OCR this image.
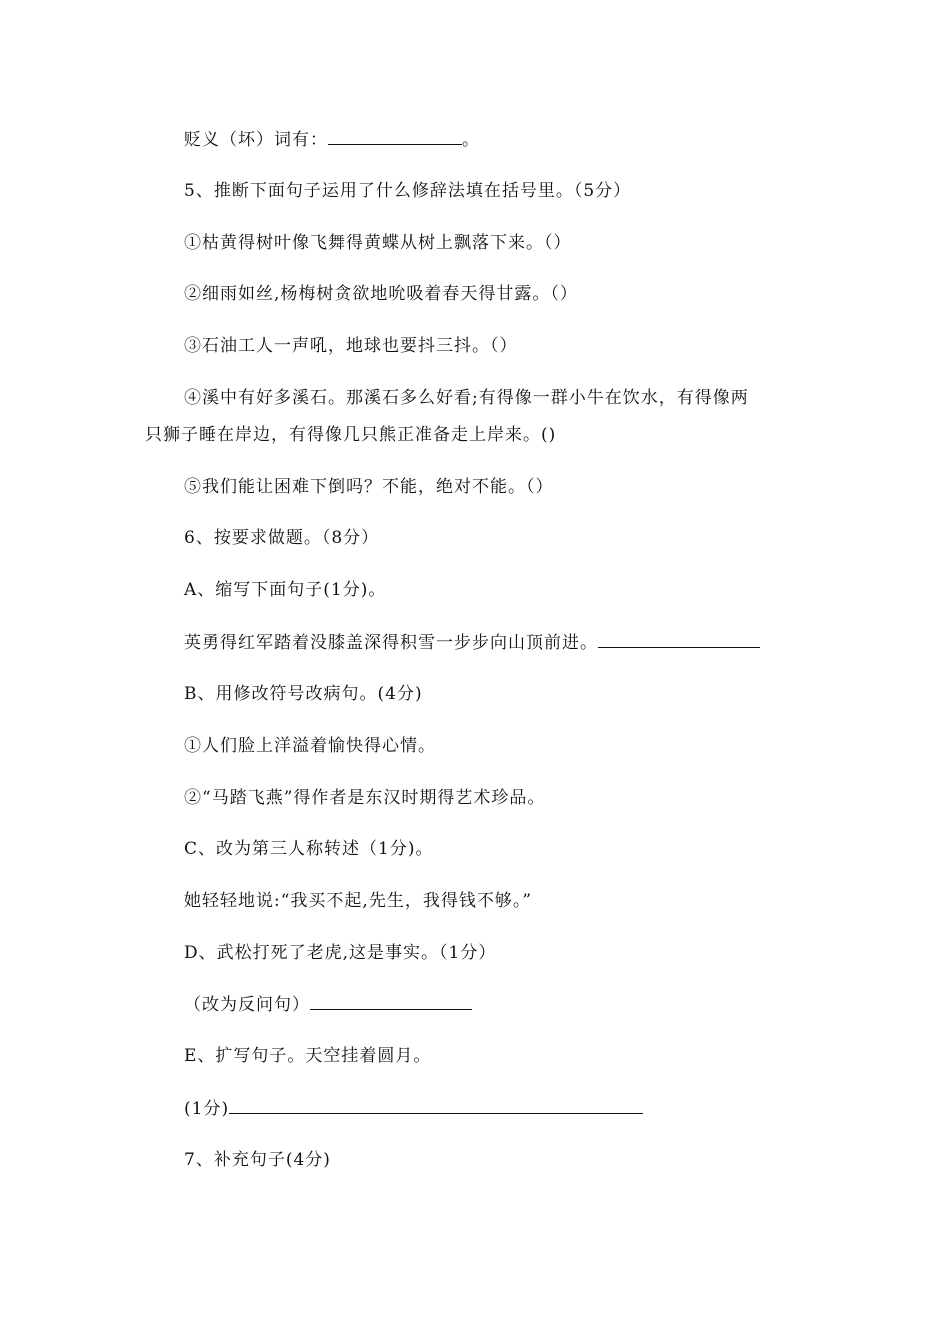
贬义（坏）词有：	。
5、推断下面句子运用了什么修辞法填在括号里。（5分）
①枯黄得树叶像飞舞得黄蝶从树上飘落下来。（）
②细雨如丝,杨梅树贪欲地吮吸着春天得甘露。（）
③石油工人一声吼，地球也要抖三抖。（）
④溪中有好多溪石。那溪石多么好看;有得像一群小牛在饮水，有得像两
只狮子睡在岸边，有得像几只熊正准备走上岸来。()
⑤我们能让困难下倒吗？不能，绝对不能。（）
6、按要求做题。（8分）
A、缩写下面句子(1分)。
英勇得红军踏着没膝盖深得积雪一步步向山顶前进。
B、用修改符号改病句。(4分)
①人们脸上洋溢着愉快得心情。
②“马踏飞燕”得作者是东汉时期得艺术珍品。
C、改为第三人称转述（1分)。
她轻轻地说:“我买不起,先生，我得钱不够。”
D、武松打死了老虎,这是事实。（1分）
（改为反问句）
E、扩写句子。天空挂着圆月。
(1分)
7、补充句子(4分)
